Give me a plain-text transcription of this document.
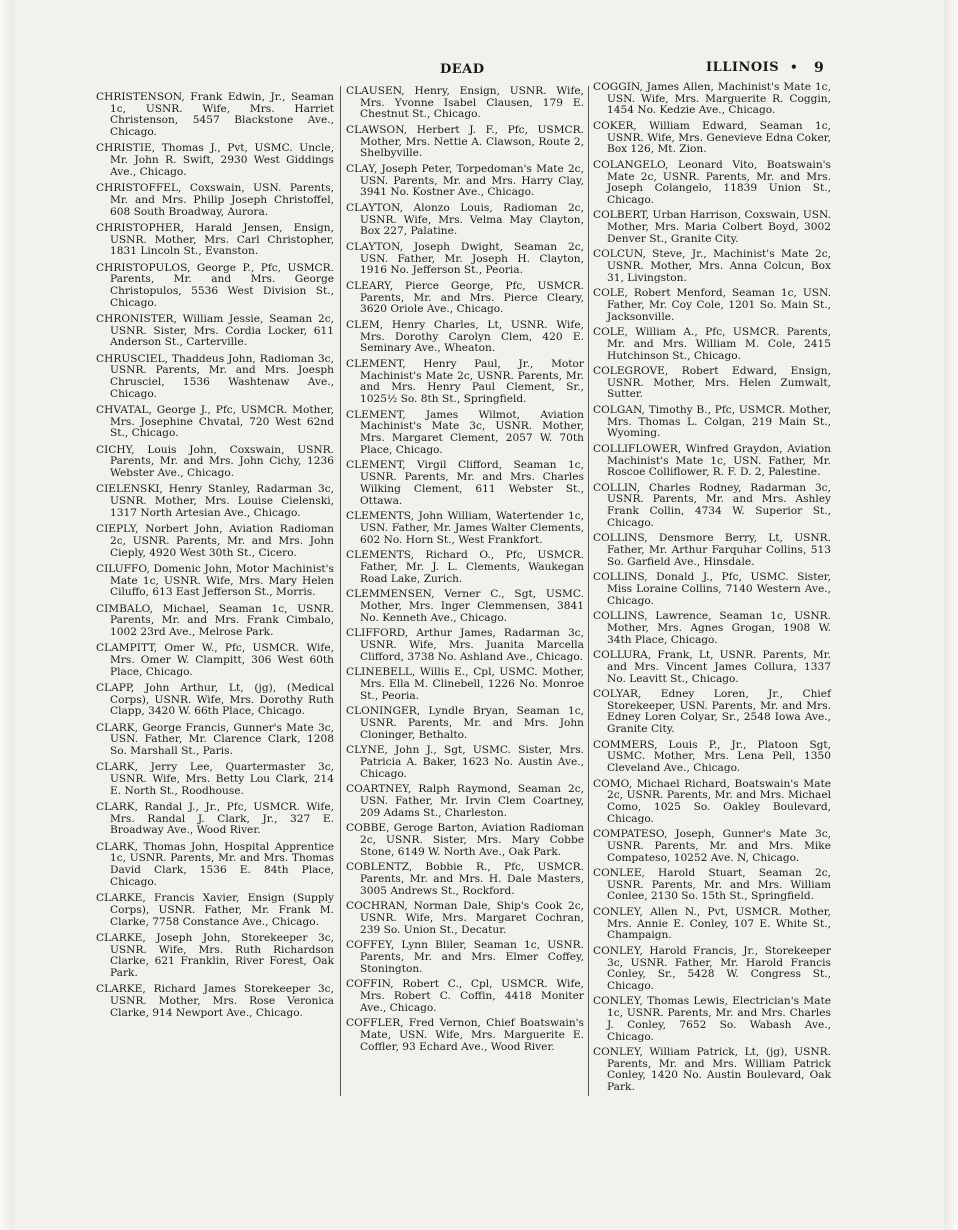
DEAD	ILLINOIS • 9

CHRISTENSON, Frank Edwin, Jr., Seaman 1c, USNR. Wife, Mrs. Harriet Christenson, 5457 Blackstone Ave., Chicago.

CHRISTIE, Thomas J., Pvt, USMC. Uncle, Mr. John R. Swift, 2930 West Giddings Ave., Chicago.

CHRISTOFFEL, Coxswain, USN. Parents, Mr. and Mrs. Philip Joseph Christoffel, 608 South Broadway, Aurora.

CHRISTOPHER, Harald Jensen, Ensign, USNR. Mother, Mrs. Carl Christopher, 1831 Lincoln St., Evanston.

CHRISTOPULOS, George P., Pfc, USMCR. Parents, Mr. and Mrs. George Christopulos, 5536 West Division St., Chicago.

CHRONISTER, William Jessie, Seaman 2c, USNR. Sister, Mrs. Cordia Locker, 611 Anderson St., Carterville.

CHRUSCIEL, Thaddeus John, Radioman 3c, USNR. Parents, Mr. and Mrs. Joesph Chrusciel, 1536 Washtenaw Ave., Chicago.

CHVATAL, George J., Pfc, USMCR. Mother, Mrs. Josephine Chvatal, 720 West 62nd St., Chicago.

CICHY, Louis John, Coxswain, USNR. Parents, Mr. and Mrs. John Cichy, 1236 Webster Ave., Chicago.

CIELENSKI, Henry Stanley, Radarman 3c, USNR. Mother, Mrs. Louise Cielenski, 1317 North Artesian Ave., Chicago.

CIEPLY, Norbert John, Aviation Radioman 2c, USNR. Parents, Mr. and Mrs. John Cieply, 4920 West 30th St., Cicero.

CILUFFO, Domenic John, Motor Machinist's Mate 1c, USNR. Wife, Mrs. Mary Helen Ciluffo, 613 East Jefferson St., Morris.

CIMBALO, Michael, Seaman 1c, USNR. Parents, Mr. and Mrs. Frank Cimbalo, 1002 23rd Ave., Melrose Park.

CLAMPITT, Omer W., Pfc, USMCR. Wife, Mrs. Omer W. Clampitt, 306 West 60th Place, Chicago.

CLAPP, John Arthur, Lt, (jg), (Medical Corps), USNR. Wife, Mrs. Dorothy Ruth Clapp, 3420 W. 66th Place, Chicago.

CLARK, George Francis, Gunner's Mate 3c, USN. Father, Mr. Clarence Clark, 1208 So. Marshall St., Paris.

CLARK, Jerry Lee, Quartermaster 3c, USNR. Wife, Mrs. Betty Lou Clark, 214 E. North St., Roodhouse.

CLARK, Randal J., Jr., Pfc, USMCR. Wife, Mrs. Randal J. Clark, Jr., 327 E. Broadway Ave., Wood River.

CLARK, Thomas John, Hospital Apprentice 1c, USNR. Parents, Mr. and Mrs. Thomas David Clark, 1536 E. 84th Place, Chicago.

CLARKE, Francis Xavier, Ensign (Supply Corps), USNR. Father, Mr. Frank M. Clarke, 7758 Constance Ave., Chicago.

CLARKE, Joseph John, Storekeeper 3c, USNR. Wife, Mrs. Ruth Richardson Clarke, 621 Franklin, River Forest, Oak Park.

CLARKE, Richard James Storekeeper 3c, USNR. Mother, Mrs. Rose Veronica Clarke, 914 Newport Ave., Chicago.

CLAUSEN, Henry, Ensign, USNR. Wife, Mrs. Yvonne Isabel Clausen, 179 E. Chestnut St., Chicago.

CLAWSON, Herbert J. F., Pfc, USMCR. Mother, Mrs. Nettie A. Clawson, Route 2, Shelbyville.

CLAY, Joseph Peter, Torpedoman's Mate 2c, USN. Parents, Mr. and Mrs. Harry Clay, 3941 No. Kostner Ave., Chicago.

CLAYTON, Alonzo Louis, Radioman 2c, USNR. Wife, Mrs. Velma May Clayton, Box 227, Palatine.

CLAYTON, Joseph Dwight, Seaman 2c, USN. Father, Mr. Joseph H. Clayton, 1916 No. Jefferson St., Peoria.

CLEARY, Pierce George, Pfc, USMCR. Parents, Mr. and Mrs. Pierce Cleary, 3620 Oriole Ave., Chicago.

CLEM, Henry Charles, Lt, USNR. Wife, Mrs. Dorothy Carolyn Clem, 420 E. Seminary Ave., Wheaton.

CLEMENT, Henry Paul, Jr., Motor Machinist's Mate 2c, USNR. Parents, Mr. and Mrs. Henry Paul Clement, Sr., 1025½ So. 8th St., Springfield.

CLEMENT, James Wilmot, Aviation Machinist's Mate 3c, USNR. Mother, Mrs. Margaret Clement, 2057 W. 70th Place, Chicago.

CLEMENT, Virgil Clifford, Seaman 1c, USNR. Parents, Mr. and Mrs. Charles Wilking Clement, 611 Webster St., Ottawa.

CLEMENTS, John William, Watertender 1c, USN. Father, Mr. James Walter Clements, 602 No. Horn St., West Frankfort.

CLEMENTS, Richard O., Pfc, USMCR. Father, Mr. J. L. Clements, Waukegan Road Lake, Zurich.

CLEMMENSEN, Verner C., Sgt, USMC. Mother, Mrs. Inger Clemmensen, 3841 No. Kenneth Ave., Chicago.

CLIFFORD, Arthur James, Radarman 3c, USNR. Wife, Mrs. Juanita Marcella Clifford, 3738 No. Ashland Ave., Chicago.

CLINEBELL, Willis E., Cpl, USMC. Mother, Mrs. Ella M. Clinebell, 1226 No. Monroe St., Peoria.

CLONINGER, Lyndle Bryan, Seaman 1c, USNR. Parents, Mr. and Mrs. John Cloninger, Bethalto.

CLYNE, John J., Sgt, USMC. Sister, Mrs. Patricia A. Baker, 1623 No. Austin Ave., Chicago.

COARTNEY, Ralph Raymond, Seaman 2c, USN. Father, Mr. Irvin Clem Coartney, 209 Adams St., Charleston.

COBBE, Geroge Barton, Aviation Radioman 2c, USNR. Sister, Mrs. Mary Cobbe Stone, 6149 W. North Ave., Oak Park.

COBLENTZ, Bobbie R., Pfc, USMCR. Parents, Mr. and Mrs. H. Dale Masters, 3005 Andrews St., Rockford.

COCHRAN, Norman Dale, Ship's Cook 2c, USNR. Wife, Mrs. Margaret Cochran, 239 So. Union St., Decatur.

COFFEY, Lynn Bliler, Seaman 1c, USNR. Parents, Mr. and Mrs. Elmer Coffey, Stonington.

COFFIN, Robert C., Cpl, USMCR. Wife, Mrs. Robert C. Coffin, 4418 Moniter Ave., Chicago.

COFFLER, Fred Vernon, Chief Boatswain's Mate, USN. Wife, Mrs. Marguerite E. Coffler, 93 Echard Ave., Wood River.

COGGIN, James Allen, Machinist's Mate 1c, USN. Wife, Mrs. Marguerite R. Coggin, 1454 No. Kedzie Ave., Chicago.

COKER, William Edward, Seaman 1c, USNR. Wife, Mrs. Genevieve Edna Coker, Box 126, Mt. Zion.

COLANGELO, Leonard Vito, Boatswain's Mate 2c, USNR. Parents, Mr. and Mrs. Joseph Colangelo, 11839 Union St., Chicago.

COLBERT, Urban Harrison, Coxswain, USN. Mother, Mrs. Maria Colbert Boyd, 3002 Denver St., Granite City.

COLCUN, Steve, Jr., Machinist's Mate 2c, USNR. Mother, Mrs. Anna Colcun, Box 31, Livingston.

COLE, Robert Menford, Seaman 1c, USN. Father, Mr. Coy Cole, 1201 So. Main St., Jacksonville.

COLE, William A., Pfc, USMCR. Parents, Mr. and Mrs. William M. Cole, 2415 Hutchinson St., Chicago.

COLEGROVE, Robert Edward, Ensign, USNR. Mother, Mrs. Helen Zumwalt, Sutter.

COLGAN, Timothy B., Pfc, USMCR. Mother, Mrs. Thomas L. Colgan, 219 Main St., Wyoming.

COLLIFLOWER, Winfred Graydon, Aviation Machinist's Mate 1c, USN. Father, Mr. Roscoe Colliflower, R. F. D. 2, Palestine.

COLLIN, Charles Rodney, Radarman 3c, USNR. Parents, Mr. and Mrs. Ashley Frank Collin, 4734 W. Superior St., Chicago.

COLLINS, Densmore Berry, Lt, USNR. Father, Mr. Arthur Farquhar Collins, 513 So. Garfield Ave., Hinsdale.

COLLINS, Donald J., Pfc, USMC. Sister, Miss Loraine Collins, 7140 Western Ave., Chicago.

COLLINS, Lawrence, Seaman 1c, USNR. Mother, Mrs. Agnes Grogan, 1908 W. 34th Place, Chicago.

COLLURA, Frank, Lt, USNR. Parents, Mr. and Mrs. Vincent James Collura, 1337 No. Leavitt St., Chicago.

COLYAR, Edney Loren, Jr., Chief Storekeeper, USN. Parents, Mr. and Mrs. Edney Loren Colyar, Sr., 2548 Iowa Ave., Granite City.

COMMERS, Louis P., Jr., Platoon Sgt, USMC. Mother, Mrs. Lena Pell, 1350 Cleveland Ave., Chicago.

COMO, Michael Richard, Boatswain's Mate 2c, USNR. Parents, Mr. and Mrs. Michael Como, 1025 So. Oakley Boulevard, Chicago.

COMPATESO, Joseph, Gunner's Mate 3c, USNR. Parents, Mr. and Mrs. Mike Compateso, 10252 Ave. N, Chicago.

CONLEE, Harold Stuart, Seaman 2c, USNR. Parents, Mr. and Mrs. William Conlee, 2130 So. 15th St., Springfield.

CONLEY, Allen N., Pvt, USMCR. Mother, Mrs. Annie E. Conley, 107 E. White St., Champaign.

CONLEY, Harold Francis, Jr., Storekeeper 3c, USNR. Father, Mr. Harold Francis Conley, Sr., 5428 W. Congress St., Chicago.

CONLEY, Thomas Lewis, Electrician's Mate 1c, USNR. Parents, Mr. and Mrs. Charles J. Conley, 7652 So. Wabash Ave., Chicago.

CONLEY, William Patrick, Lt, (jg), USNR. Parents, Mr. and Mrs. William Patrick Conley, 1420 No. Austin Boulevard, Oak Park.
